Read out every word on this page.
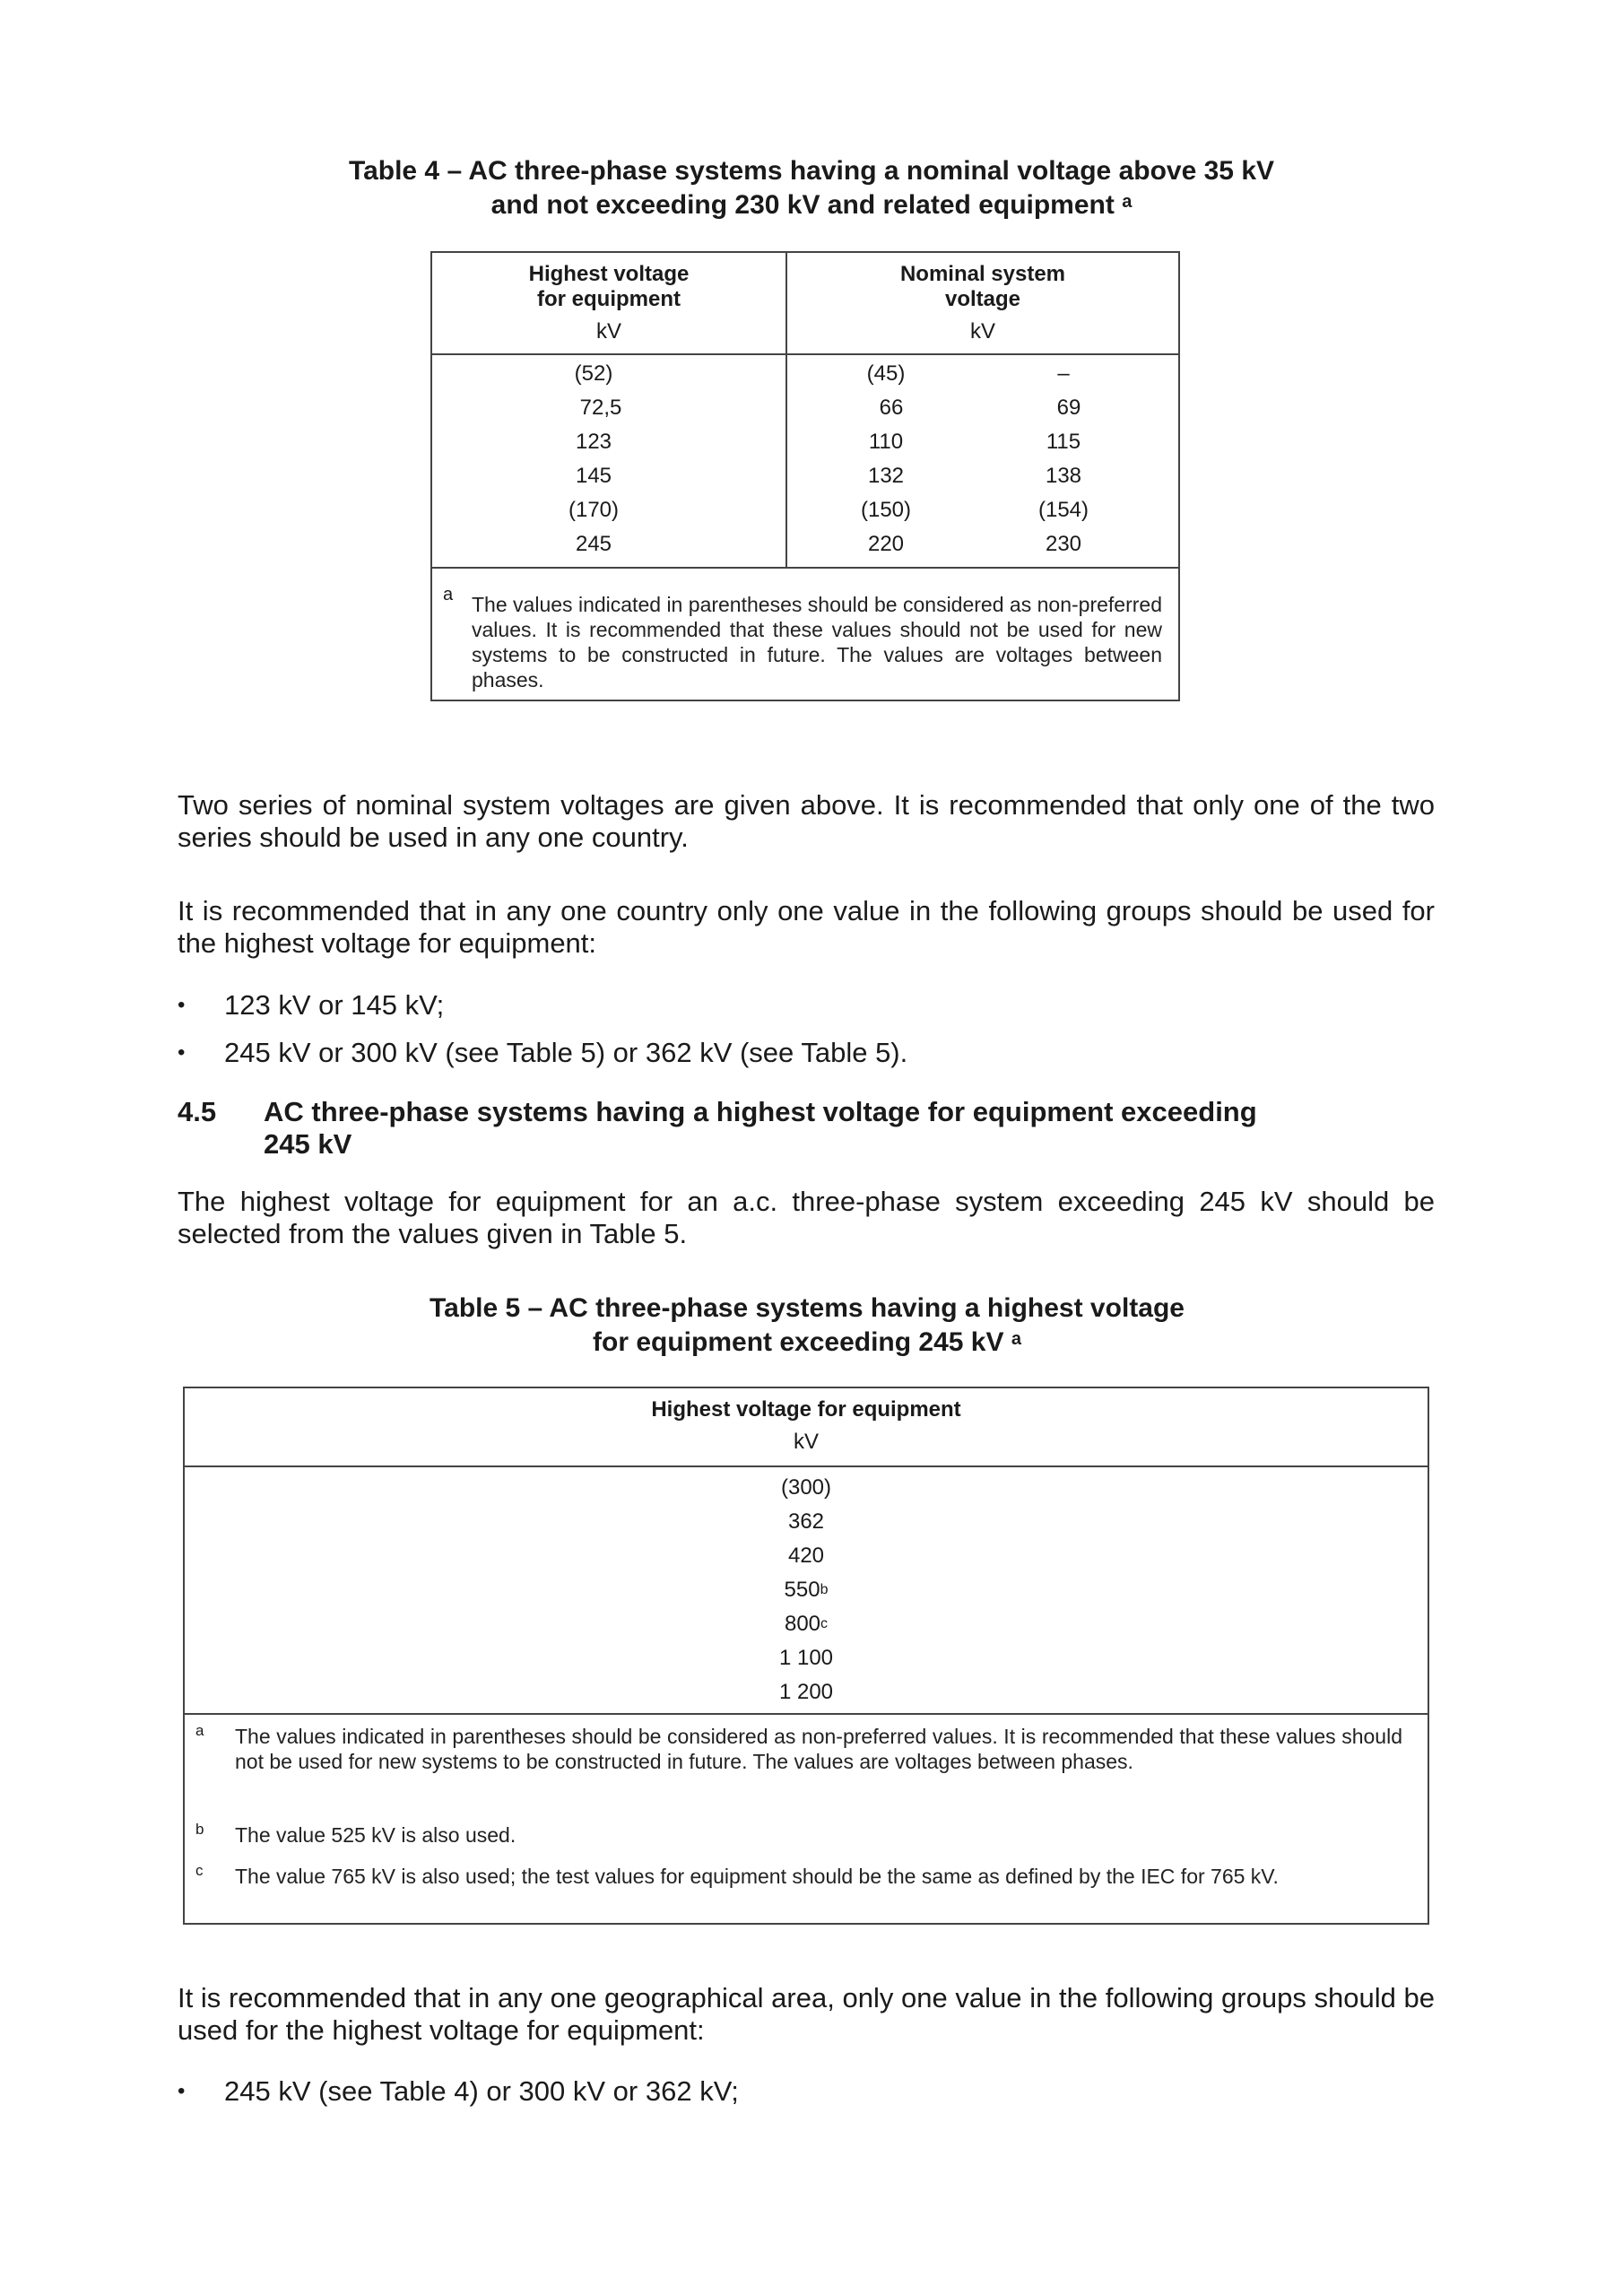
Table 4 – AC three-phase systems having a nominal voltage above 35 kV
and not exceeding 230 kV and related equipment $^a$
Highest voltage
for equipment
kV
Nominal system
voltage
kV
(52)	(45)	–
72,5	66	69
123	110	115
145	132	138
(170)	(150)	(154)
245	220	230
a The values indicated in parentheses should be considered as non-preferred values. It is recommended that these values should not be used for new systems to be constructed in future. The values are voltages between phases.
Two series of nominal system voltages are given above. It is recommended that only one of the two series should be used in any one country.
It is recommended that in any one country only one value in the following groups should be used for the highest voltage for equipment:
• 123 kV or 145 kV;
• 245 kV or 300 kV (see Table 5) or 362 kV (see Table 5).
4.5 AC three-phase systems having a highest voltage for equipment exceeding
245 kV
The highest voltage for equipment for an a.c. three-phase system exceeding 245 kV should be selected from the values given in Table 5.
Table 5 – AC three-phase systems having a highest voltage
for equipment exceeding 245 kV $^a$
Highest voltage for equipment
kV
(300)
362
420
550$^b$
800$^c$
1 100
1 200
a The values indicated in parentheses should be considered as non-preferred values. It is recommended that these values should not be used for new systems to be constructed in future. The values are voltages between phases.
b The value 525 kV is also used.
c The value 765 kV is also used; the test values for equipment should be the same as defined by the IEC for 765 kV.
It is recommended that in any one geographical area, only one value in the following groups should be used for the highest voltage for equipment:
• 245 kV (see Table 4) or 300 kV or 362 kV;
